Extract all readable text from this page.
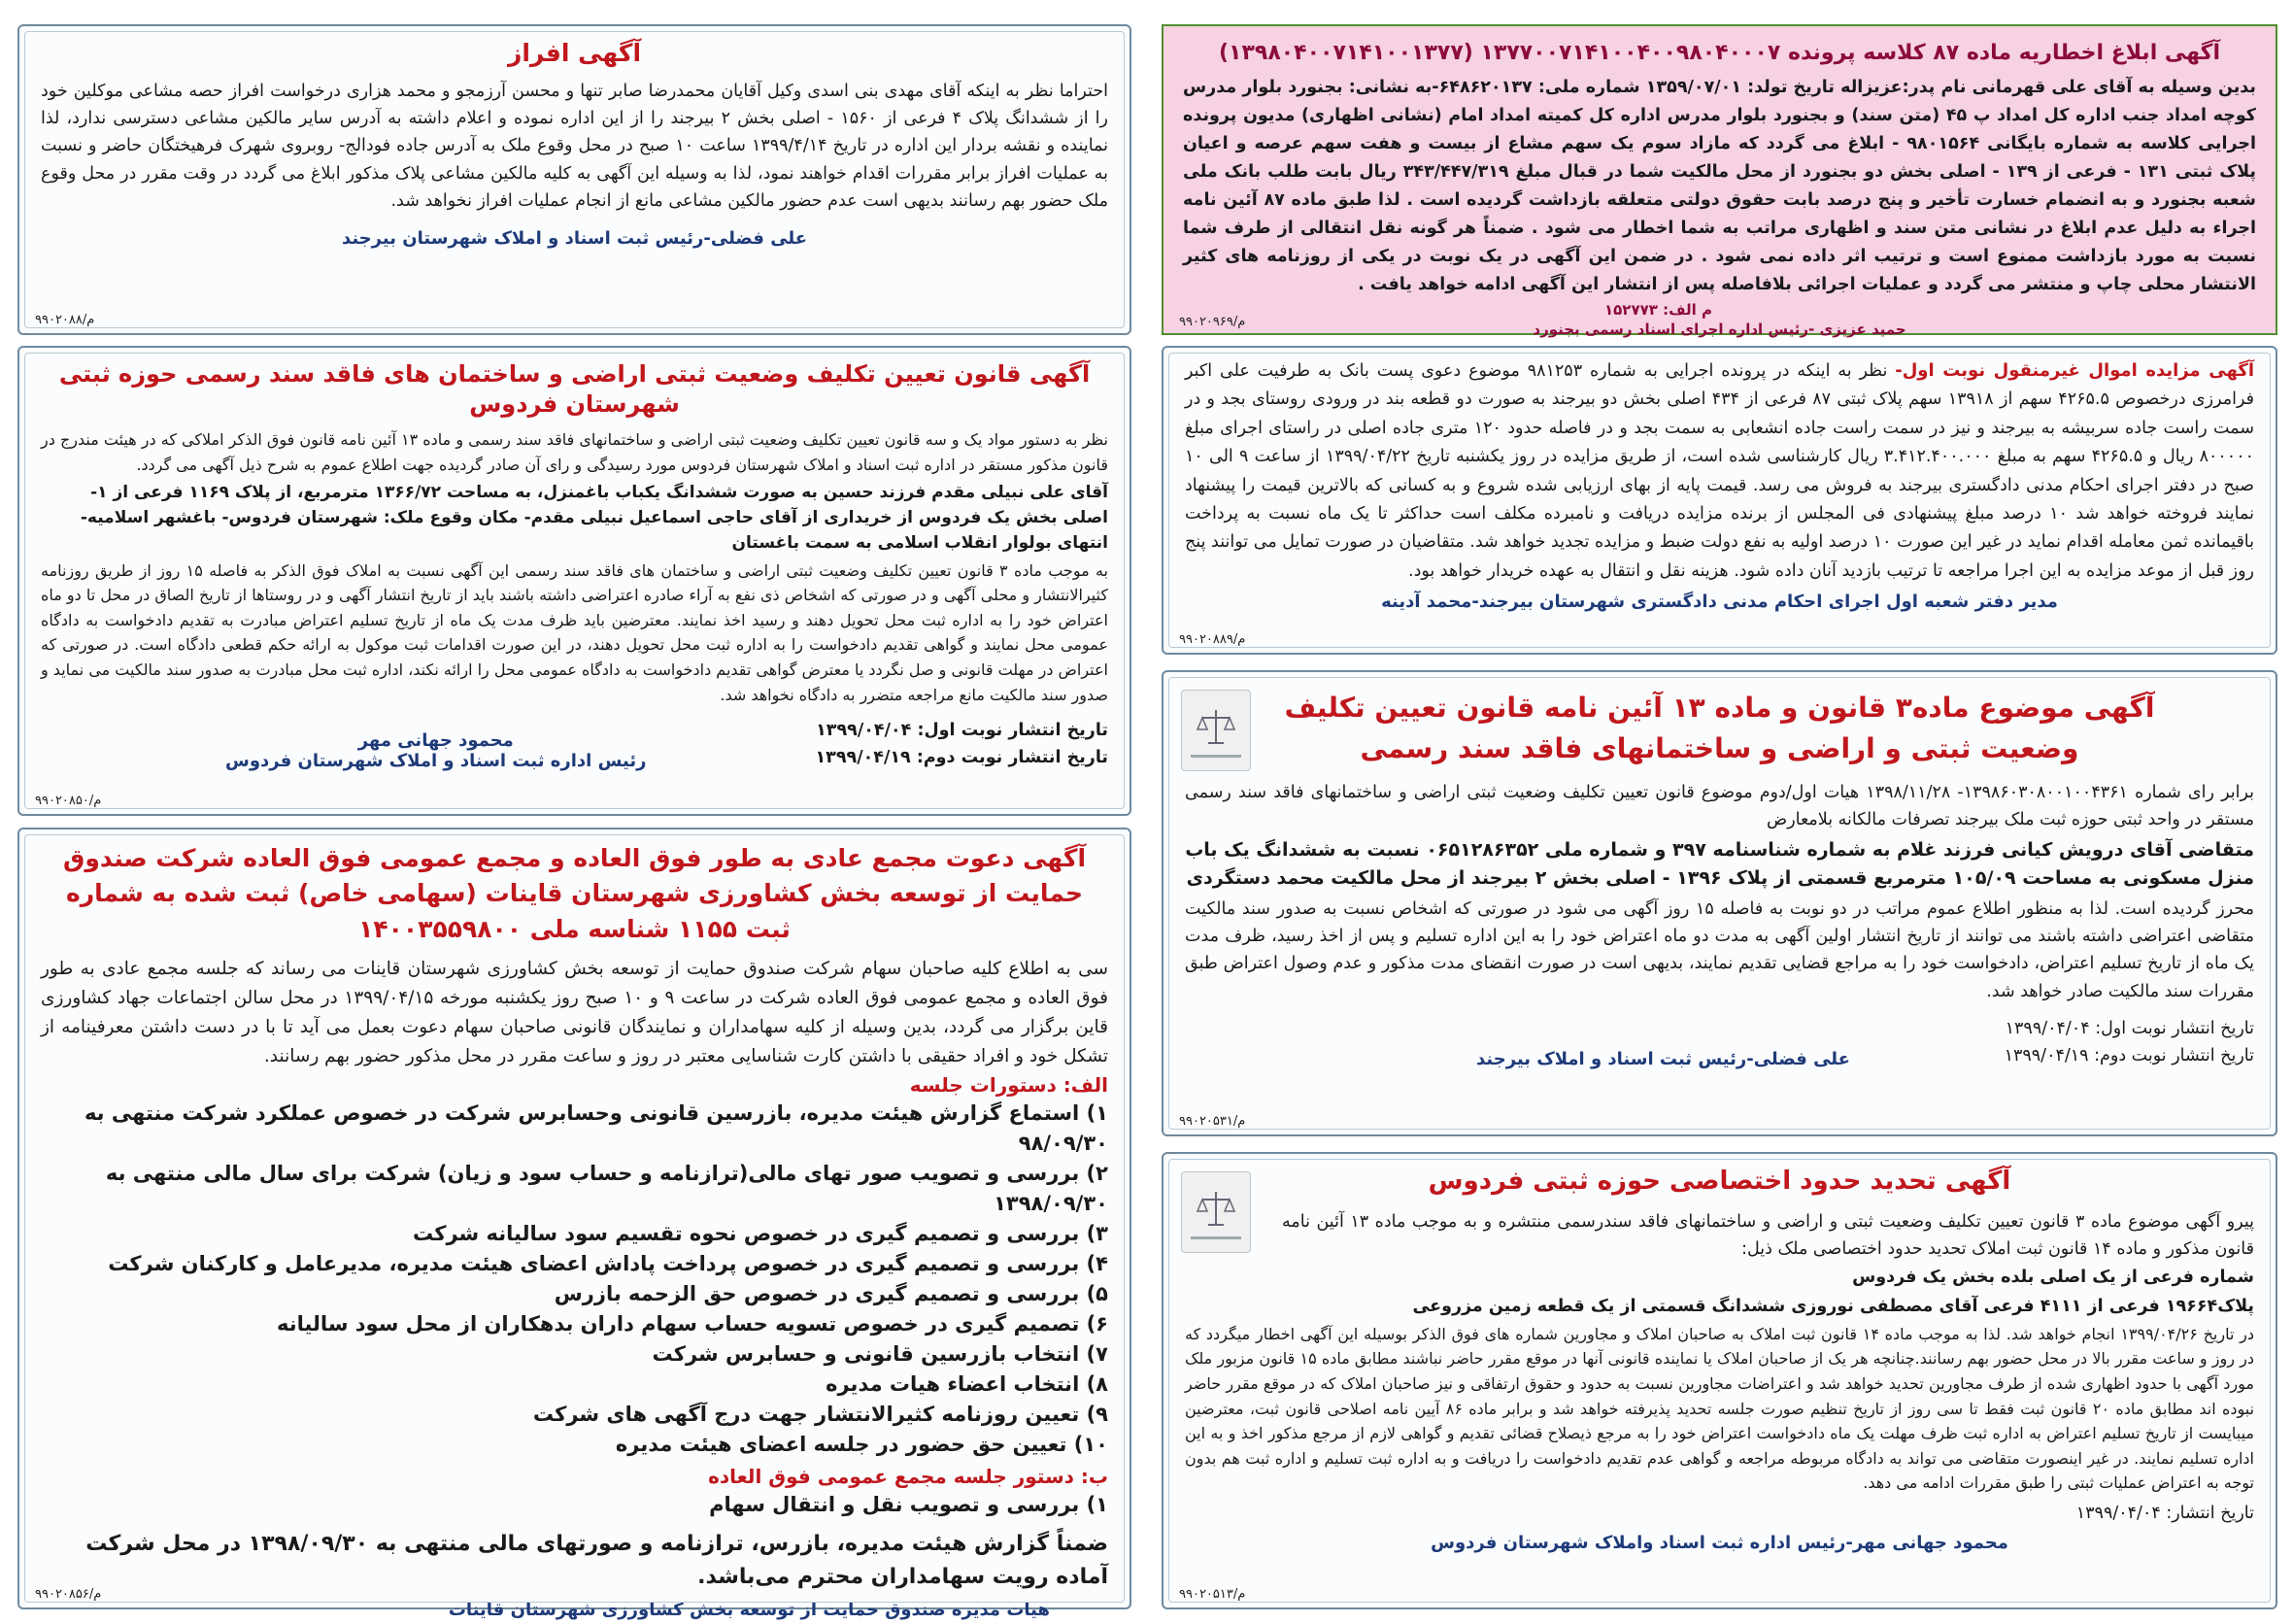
آگهی افراز

احتراما نظر به اینکه آقای مهدی بنی اسدی وکیل آقایان محمدرضا صابر تنها و محسن آرزمجو و محمد هزاری درخواست افراز حصه مشاعی موکلین خود را از ششدانگ پلاک ۴ فرعی از ۱۵۶۰ - اصلی بخش ۲ بیرجند را از این اداره نموده و اعلام داشته به آدرس سایر مالکین مشاعی دسترسی ندارد، لذا نماینده و نقشه بردار این اداره در تاریخ ۱۳۹۹/۴/۱۴ ساعت ۱۰ صبح در محل وقوع ملک به آدرس جاده فودالج- روبروی شهرک فرهیختگان حاضر و نسبت به عملیات افراز برابر مقررات اقدام خواهند نمود، لذا به وسیله این آگهی به کلیه مالکین مشاعی پلاک مذکور ابلاغ می گردد در وقت مقرر در محل وقوع ملک حضور بهم رسانند بدیهی است عدم حضور مالکین مشاعی مانع از انجام عملیات افراز نخواهد شد.

علی فضلی-رئیس ثبت اسناد و املاک شهرستان بیرجند
م/۹۹۰۲۰۸۸
آگهی قانون تعیین تکلیف وضعیت ثبتی اراضی و ساختمان های فاقد سند رسمی حوزه ثبتی شهرستان فردوس

نظر به دستور مواد یک و سه قانون تعیین تکلیف وضعیت ثبتی اراضی و ساختمانهای فاقد سند رسمی و ماده ۱۳ آئین نامه قانون فوق الذکر املاکی که در هیئت مندرج در قانون مذکور مستقر در اداره ثبت اسناد و املاک شهرستان فردوس مورد رسیدگی و رای آن صادر گردیده جهت اطلاع عموم به شرح ذیل آگهی می گردد.

آقای علی نبیلی مقدم فرزند حسین به صورت ششدانگ یکباب باغمنزل، به مساحت ۱۳۶۶/۷۲ مترمربع، از پلاک ۱۱۶۹ فرعی از ۱- اصلی بخش یک فردوس از خریداری از آقای حاجی اسماعیل نبیلی مقدم- مکان وقوع ملک: شهرستان فردوس- باغشهر اسلامیه- انتهای بولوار انقلاب اسلامی به سمت باغستان

به موجب ماده ۳ قانون تعیین تکلیف وضعیت ثبتی اراضی و ساختمان های فاقد سند رسمی این آگهی نسبت به املاک فوق الذکر به فاصله ۱۵ روز از طریق روزنامه کثیرالانتشار و محلی آگهی و در صورتی که اشخاص ذی نفع به آراء صادره اعتراضی داشته باشند باید از تاریخ انتشار آگهی و در روستاها از تاریخ الصاق در محل تا دو ماه اعتراض خود را به اداره ثبت محل تحویل دهند و رسید اخذ نمایند. معترضین باید ظرف مدت یک ماه از تاریخ تسلیم اعتراض مبادرت به تقدیم دادخواست به دادگاه عمومی محل نمایند و گواهی تقدیم دادخواست را به اداره ثبت محل تحویل دهند، در این صورت اقدامات ثبت موکول به ارائه حکم قطعی دادگاه است. در صورتی که اعتراض در مهلت قانونی و صل نگردد یا معترض گواهی تقدیم دادخواست به دادگاه عمومی محل را ارائه نکند، اداره ثبت محل مبادرت به صدور سند مالکیت می نماید و صدور سند مالکیت مانع مراجعه متضرر به دادگاه نخواهد شد.

تاریخ انتشار نوبت اول: ۱۳۹۹/۰۴/۰۴
تاریخ انتشار نوبت دوم: ۱۳۹۹/۰۴/۱۹
محمود جهانی مهر
رئیس اداره ثبت اسناد و املاک شهرستان فردوس
م/۹۹۰۲۰۸۵۰
آگهی دعوت مجمع عادی به طور فوق العاده و مجمع عمومی فوق العاده شرکت صندوق حمایت از توسعه بخش کشاورزی شهرستان قاینات (سهامی خاص) ثبت شده به شماره ثبت ۱۱۵۵ شناسه ملی ۱۴۰۰۳۵۵۹۸۰۰

سی به اطلاع کلیه صاحبان سهام شرکت صندوق حمایت از توسعه بخش کشاورزی شهرستان قاینات می رساند که جلسه مجمع عادی به طور فوق العاده و مجمع عمومی فوق العاده شرکت در ساعت ۹ و ۱۰ صبح روز یکشنبه مورخه ۱۳۹۹/۰۴/۱۵ در محل سالن اجتماعات جهاد کشاورزی قاین برگزار می گردد، بدین وسیله از کلیه سهامداران و نمایندگان قانونی صاحبان سهام دعوت بعمل می آید تا با در دست داشتن معرفینامه از تشکل خود و افراد حقیقی با داشتن کارت شناسایی معتبر در روز و ساعت مقرر در محل مذکور حضور بهم رسانند.

الف: دستورات جلسه
۱) استماع گزارش هیئت مدیره، بازرسین قانونی وحسابرس شرکت در خصوص عملکرد شرکت منتهی به ۹۸/۰۹/۳۰
۲) بررسی و تصویب صور تهای مالی(ترازنامه و حساب سود و زیان) شرکت برای سال مالی منتهی به ۱۳۹۸/۰۹/۳۰
۳) بررسی و تصمیم گیری در خصوص نحوه تقسیم سود سالیانه شرکت
۴) بررسی و تصمیم گیری در خصوص پرداخت پاداش اعضای هیئت مدیره، مدیرعامل و کارکنان شرکت
۵) بررسی و تصمیم گیری در خصوص حق الزحمه بازرس
۶) تصمیم گیری در خصوص تسویه حساب سهام داران بدهکاران از محل سود سالیانه
۷) انتخاب بازرسین قانونی و حسابرس شرکت
۸) انتخاب اعضاء هیات مدیره
۹) تعیین روزنامه کثیرالانتشار جهت درج آگهی های شرکت
۱۰) تعیین حق حضور در جلسه اعضای هیئت مدیره
ب: دستور جلسه مجمع عمومی فوق العاده
۱) بررسی و تصویب نقل و انتقال سهام

ضمناً گزارش هیئت مدیره، بازرس، ترازنامه و صورتهای مالی منتهی به ۱۳۹۸/۰۹/۳۰ در محل شرکت آماده رویت سهامداران محترم می‌باشد.

هیات مدیره صندوق حمایت از توسعه بخش کشاورزی شهرستان قاینات
م/۹۹۰۲۰۸۵۶
آگهی ابلاغ اخطاریه ماده ۸۷ کلاسه پرونده ۱۳۷۷۰۰۷۱۴۱۰۰۴۰۰۹۸۰۴۰۰۰۷ (۱۳۹۸۰۴۰۰۷۱۴۱۰۰۱۳۷۷)

بدین وسیله به آقای علی قهرمانی نام پدر:عزیزاله تاریخ تولد: ۱۳۵۹/۰۷/۰۱ شماره ملی: ۶۴۸۶۲۰۱۳۷-به نشانی: بجنورد بلوار مدرس کوچه امداد جنب اداره کل امداد پ ۴۵ (متن سند) و بجنورد بلوار مدرس اداره کل کمیته امداد امام (نشانی اظهاری) مدیون پرونده اجرایی کلاسه به شماره بایگانی ۹۸۰۱۵۶۴ - ابلاغ می گردد که مازاد سوم یک سهم مشاع از بیست و هفت سهم عرصه و اعیان پلاک ثبتی ۱۳۱ - فرعی از ۱۳۹ - اصلی بخش دو بجنورد از محل مالکیت شما در قبال مبلغ ۳۴۳/۴۴۷/۳۱۹ ریال بابت طلب بانک ملی شعبه بجنورد و به انضمام خسارت تأخیر و پنج درصد بابت حقوق دولتی متعلقه بازداشت گردیده است . لذا طبق ماده ۸۷ آئین نامه اجراء به دلیل عدم ابلاغ در نشانی متن سند و اظهاری مراتب به شما اخطار می شود . ضمناً هر گونه نقل انتقالی از طرف شما نسبت به مورد بازداشت ممنوع است و ترتیب اثر داده نمی شود . در ضمن این آگهی در یک نوبت در یکی از روزنامه های کثیر الانتشار محلی چاپ و منتشر می گردد و عملیات اجرائی بلافاصله پس از انتشار این آگهی ادامه خواهد یافت .

م الف: ۱۵۲۷۷۳
حمید عزیزی -رئیس اداره اجرای اسناد رسمی بجنورد
م/۹۹۰۲۰۹۶۹

آگهی مزایده اموال غیرمنقول نوبت اول- نظر به اینکه در پرونده اجرایی به شماره ۹۸۱۲۵۳ موضوع دعوی پست بانک به طرفیت علی اکبر فرامرزی درخصوص ۴۲۶۵.۵ سهم از ۱۳۹۱۸ سهم پلاک ثبتی ۸۷ فرعی از ۴۳۴ اصلی بخش دو بیرجند به صورت دو قطعه بند در ورودی روستای بجد و در سمت راست جاده سربیشه به بیرجند و نیز در سمت راست جاده انشعابی به سمت بجد و در فاصله حدود ۱۲۰ متری جاده اصلی در راستای اجرای مبلغ ۸۰۰۰۰۰ ریال و ۴۲۶۵.۵ سهم به مبلغ ۳.۴۱۲.۴۰۰.۰۰۰ ریال کارشناسی شده است، از طریق مزایده در روز یکشنبه تاریخ ۱۳۹۹/۰۴/۲۲ از ساعت ۹ الی ۱۰ صبح در دفتر اجرای احکام مدنی دادگستری بیرجند به فروش می رسد. قیمت پایه از بهای ارزیابی شده شروع و به کسانی که بالاترین قیمت را پیشنهاد نمایند فروخته خواهد شد ۱۰ درصد مبلغ پیشنهادی فی المجلس از برنده مزایده دریافت و نامبرده مکلف است حداکثر تا یک ماه نسبت به پرداخت باقیمانده ثمن معامله اقدام نماید در غیر این صورت ۱۰ درصد اولیه به نفع دولت ضبط و مزایده تجدید خواهد شد. متقاضیان در صورت تمایل می توانند پنج روز قبل از موعد مزایده به این اجرا مراجعه تا ترتیب بازدید آنان داده شود. هزینه نقل و انتقال به عهده خریدار خواهد بود.

مدیر دفتر شعبه اول اجرای احکام مدنی دادگستری شهرستان بیرجند-محمد آدینه
م/۹۹۰۲۰۸۸۹
آگهی موضوع ماده۳ قانون و ماده ۱۳ آئین نامه قانون تعیین تکلیف وضعیت ثبتی و اراضی و ساختمانهای فاقد سند رسمی

برابر رای شماره ۱۳۹۸۶۰۳۰۸۰۰۱۰۰۴۳۶۱- ۱۳۹۸/۱۱/۲۸ هیات اول/دوم موضوع قانون تعیین تکلیف وضعیت ثبتی اراضی و ساختمانهای فاقد سند رسمی مستقر در واحد ثبتی حوزه ثبت ملک بیرجند تصرفات مالکانه بلامعارض

متقاضی آقای درویش کیانی فرزند غلام به شماره شناسنامه ۳۹۷ و شماره ملی ۰۶۵۱۲۸۶۳۵۲ نسبت به ششدانگ یک باب منزل مسکونی به مساحت ۱۰۵/۰۹ مترمربع قسمتی از پلاک ۱۳۹۶ - اصلی بخش ۲ بیرجند از محل مالکیت محمد دستگردی

محرز گردیده است. لذا به منظور اطلاع عموم مراتب در دو نوبت به فاصله ۱۵ روز آگهی می شود در صورتی که اشخاص نسبت به صدور سند مالکیت متقاضی اعتراضی داشته باشند می توانند از تاریخ انتشار اولین آگهی به مدت دو ماه اعتراض خود را به این اداره تسلیم و پس از اخذ رسید، ظرف مدت یک ماه از تاریخ تسلیم اعتراض، دادخواست خود را به مراجع قضایی تقدیم نمایند، بدیهی است در صورت انقضای مدت مذکور و عدم وصول اعتراض طبق مقررات سند مالکیت صادر خواهد شد.

تاریخ انتشار نوبت اول: ۱۳۹۹/۰۴/۰۴
تاریخ انتشار نوبت دوم: ۱۳۹۹/۰۴/۱۹
علی فضلی-رئیس ثبت اسناد و املاک بیرجند
م/۹۹۰۲۰۵۳۱
آگهی تحدید حدود اختصاصی حوزه ثبتی فردوس

پیرو آگهی موضوع ماده ۳ قانون تعیین تکلیف وضعیت ثبتی و اراضی و ساختمانهای فاقد سندرسمی منتشره و به موجب ماده ۱۳ آئین نامه قانون مذکور و ماده ۱۴ قانون ثبت املاک تحدید حدود اختصاصی ملک ذیل:

شماره فرعی از یک اصلی بلده بخش یک فردوس

پلاک۱۹۶۶۴ فرعی از ۴۱۱۱ فرعی آقای مصطفی نوروزی ششدانگ قسمتی از یک قطعه زمین مزروعی

در تاریخ ۱۳۹۹/۰۴/۲۶ انجام خواهد شد. لذا به موجب ماده ۱۴ قانون ثبت املاک به صاحبان املاک و مجاورین شماره های فوق الذکر بوسیله این آگهی اخطار میگردد که در روز و ساعت مقرر بالا در محل حضور بهم رسانند.چنانچه هر یک از صاحبان املاک یا نماینده قانونی آنها در موقع مقرر حاضر نباشند مطابق ماده ۱۵ قانون مزبور ملک مورد آگهی با حدود اظهاری شده از طرف مجاورین تحدید خواهد شد و اعتراضات مجاورین نسبت به حدود و حقوق ارتفاقی و نیز صاحبان املاک که در موقع مقرر حاضر نبوده اند مطابق ماده ۲۰ قانون ثبت فقط تا سی روز از تاریخ تنظیم صورت جلسه تحدید پذیرفته خواهد شد و برابر ماده ۸۶ آیین نامه اصلاحی قانون ثبت، معترضین میبایست از تاریخ تسلیم اعتراض به اداره ثبت ظرف مهلت یک ماه دادخواست اعتراض خود را به مرجع ذیصلاح قضائی تقدیم و گواهی لازم از مرجع مذکور اخذ و به این اداره تسلیم نمایند. در غیر اینصورت متقاضی می تواند به دادگاه مربوطه مراجعه و گواهی عدم تقدیم دادخواست را دریافت و به اداره ثبت تسلیم و اداره ثبت هم بدون توجه به اعتراض عملیات ثبتی را طبق مقررات ادامه می دهد.

تاریخ انتشار: ۱۳۹۹/۰۴/۰۴
محمود جهانی مهر-رئیس اداره ثبت اسناد واملاک شهرستان فردوس
م/۹۹۰۲۰۵۱۳
